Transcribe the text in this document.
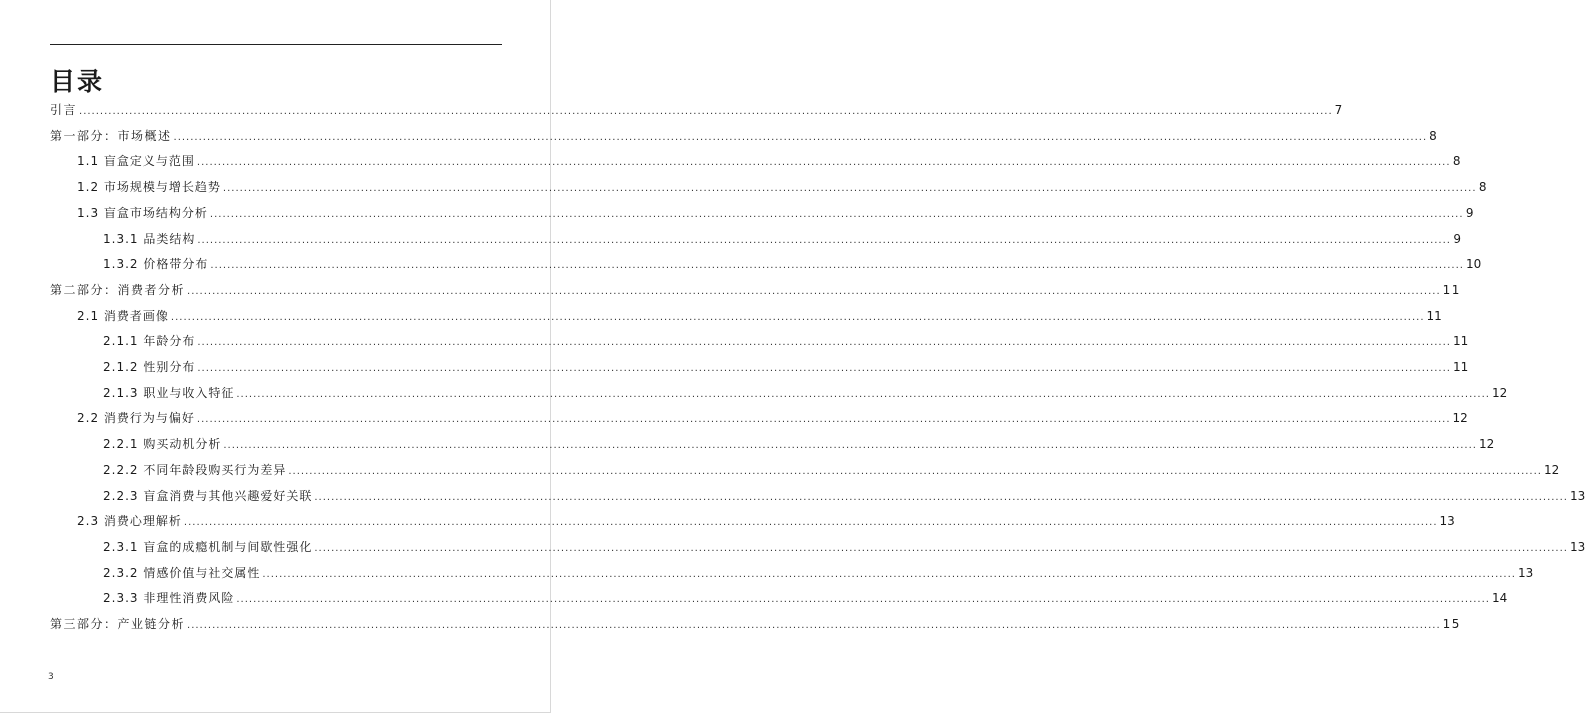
目录
引言 ............................................................................................................................................................................................................................................................................................................ 7
第一部分：市场概述 ............................................................................................................................................................................................................................................................................................................ 8
1.1 盲盒定义与范围 ............................................................................................................................................................................................................................................................................................................ 8
1.2 市场规模与增长趋势 ............................................................................................................................................................................................................................................................................................................ 8
1.3 盲盒市场结构分析 ............................................................................................................................................................................................................................................................................................................ 9
1.3.1 品类结构 ............................................................................................................................................................................................................................................................................................................ 9
1.3.2 价格带分布 ............................................................................................................................................................................................................................................................................................................ 10
第二部分：消费者分析 ............................................................................................................................................................................................................................................................................................................ 11
2.1 消费者画像 ............................................................................................................................................................................................................................................................................................................ 11
2.1.1 年龄分布 ............................................................................................................................................................................................................................................................................................................ 11
2.1.2 性别分布 ............................................................................................................................................................................................................................................................................................................ 11
2.1.3 职业与收入特征 ............................................................................................................................................................................................................................................................................................................ 12
2.2 消费行为与偏好 ............................................................................................................................................................................................................................................................................................................ 12
2.2.1 购买动机分析 ............................................................................................................................................................................................................................................................................................................ 12
2.2.2 不同年龄段购买行为差异 ............................................................................................................................................................................................................................................................................................................ 12
2.2.3 盲盒消费与其他兴趣爱好关联 ............................................................................................................................................................................................................................................................................................................ 13
2.3 消费心理解析 ............................................................................................................................................................................................................................................................................................................ 13
2.3.1 盲盒的成瘾机制与间歇性强化 ............................................................................................................................................................................................................................................................................................................ 13
2.3.2 情感价值与社交属性 ............................................................................................................................................................................................................................................................................................................ 13
2.3.3 非理性消费风险 ............................................................................................................................................................................................................................................................................................................ 14
第三部分：产业链分析 ............................................................................................................................................................................................................................................................................................................ 15
3
